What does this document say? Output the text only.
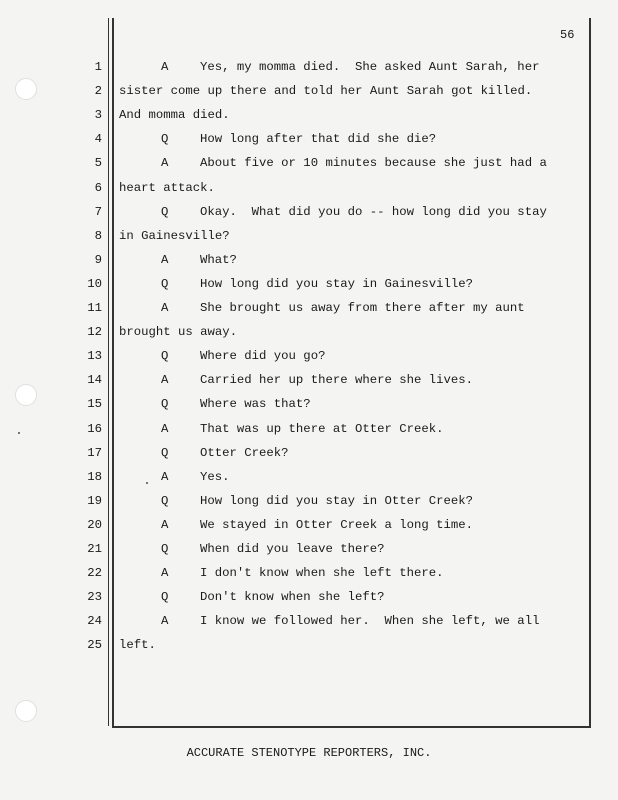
56
1	A	Yes, my momma died.  She asked Aunt Sarah, her
2 sister come up there and told her Aunt Sarah got killed.
3 And momma died.
4	Q	How long after that did she die?
5	A	About five or 10 minutes because she just had a
6 heart attack.
7	Q	Okay.  What did you do -- how long did you stay
8 in Gainesville?
9	A	What?
10	Q	How long did you stay in Gainesville?
11	A	She brought us away from there after my aunt
12 brought us away.
13	Q	Where did you go?
14	A	Carried her up there where she lives.
15	Q	Where was that?
16	A	That was up there at Otter Creek.
17	Q	Otter Creek?
18	A	Yes.
19	Q	How long did you stay in Otter Creek?
20	A	We stayed in Otter Creek a long time.
21	Q	When did you leave there?
22	A	I don't know when she left there.
23	Q	Don't know when she left?
24	A	I know we followed her.  When she left, we all
25 left.
ACCURATE STENOTYPE REPORTERS, INC.
